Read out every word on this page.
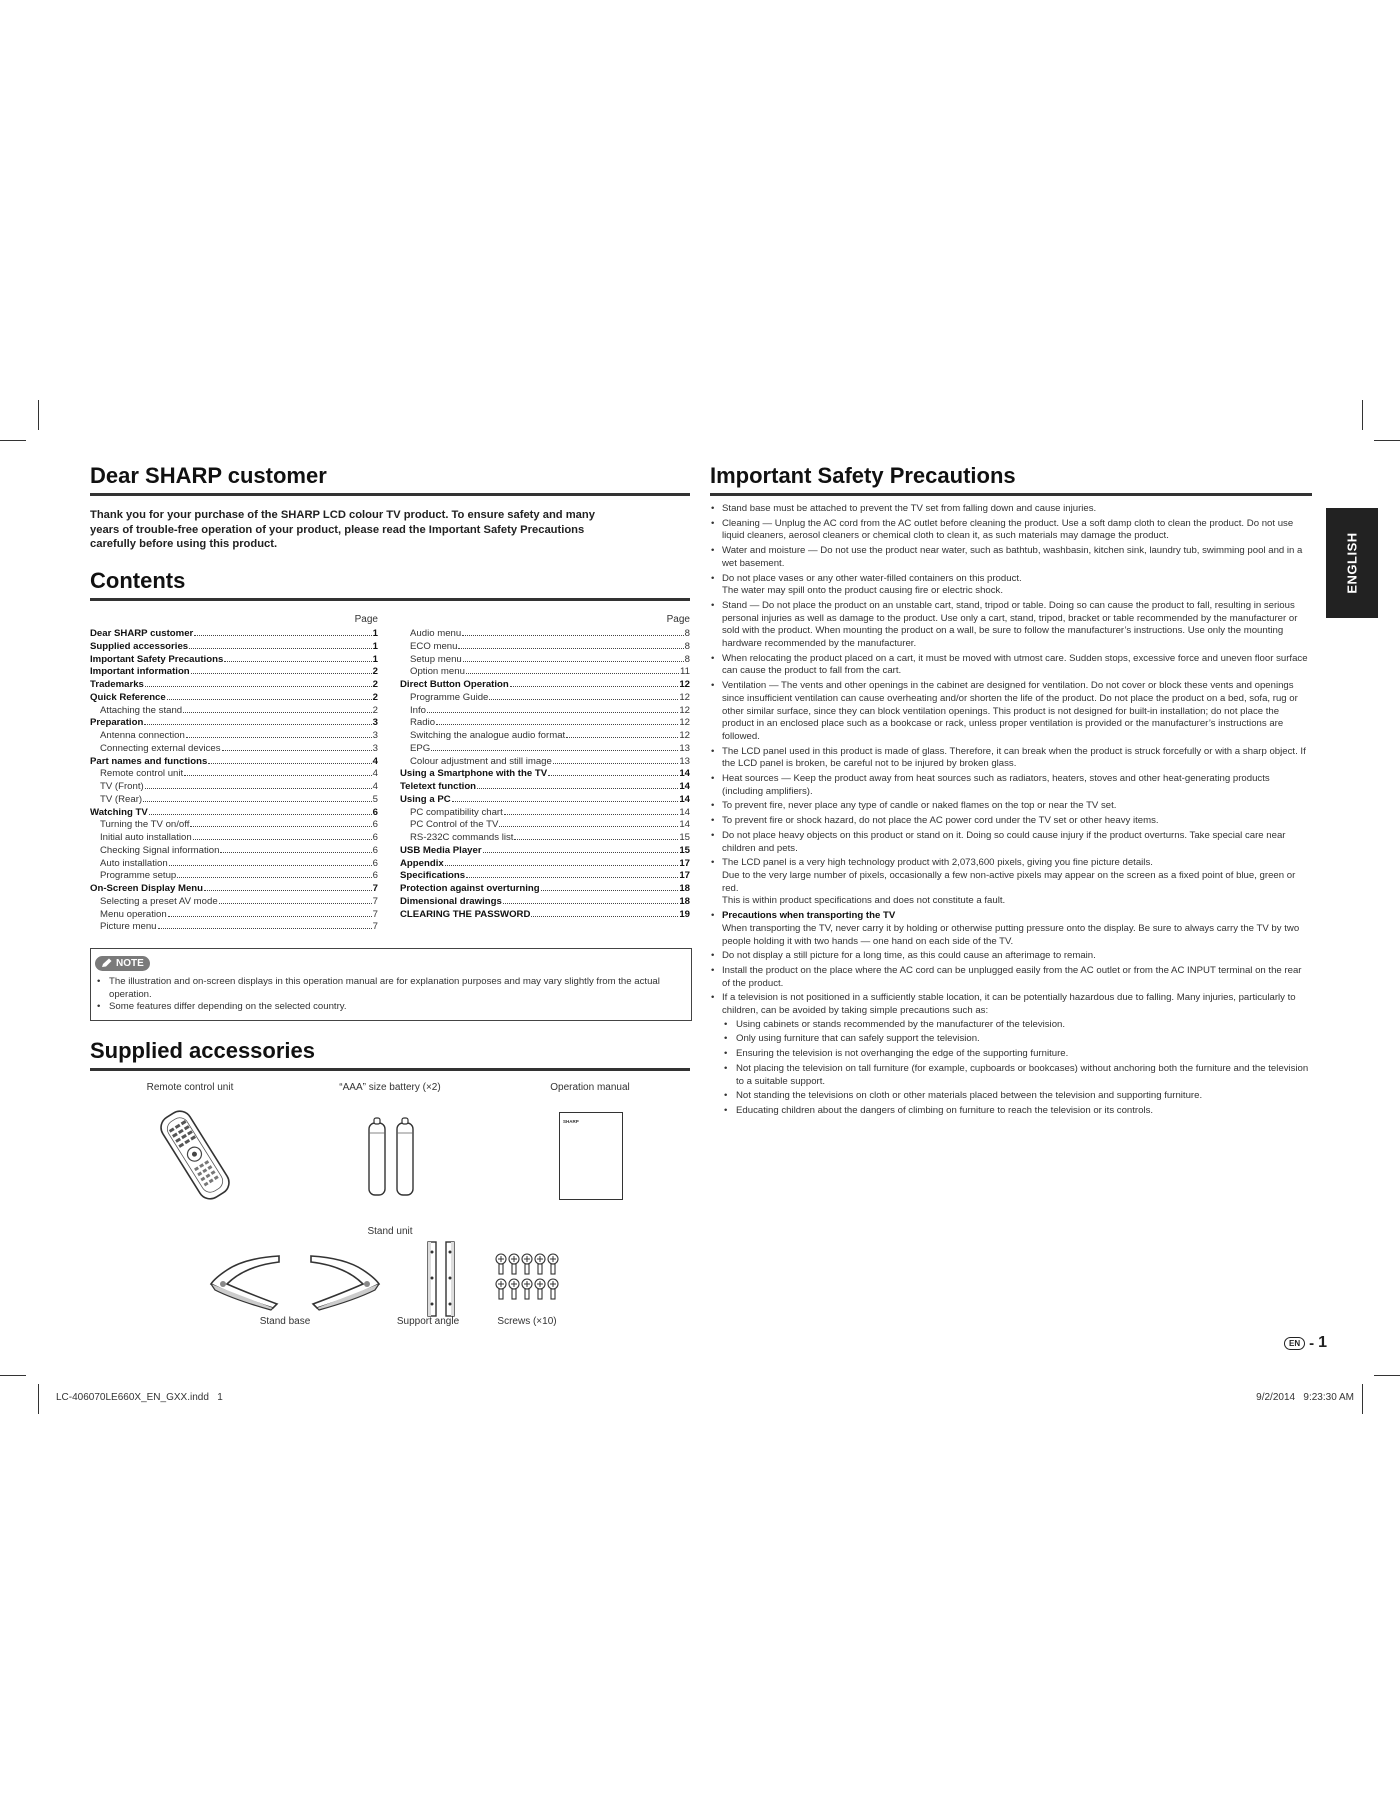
Dear SHARP customer
Thank you for your purchase of the SHARP LCD colour TV product. To ensure safety and many
years of trouble-free operation of your product, please read the Important Safety Precautions
carefully before using this product.
Contents
Page	Page
Dear SHARP customer	1
Supplied accessories	1
Important Safety Precautions	1
Important information	2
Trademarks	2
Quick Reference	2
Attaching the stand	2
Preparation	3
Antenna connection	3
Connecting external devices	3
Part names and functions	4
Remote control unit	4
TV (Front)	4
TV (Rear)	5
Watching TV	6
Turning the TV on/off	6
Initial auto installation	6
Checking Signal information	6
Auto installation	6
Programme setup	6
On-Screen Display Menu	7
Selecting a preset AV mode	7
Menu operation	7
Picture menu	7
Audio menu	8
ECO menu	8
Setup menu	8
Option menu	11
Direct Button Operation	12
Programme Guide	12
Info	12
Radio	12
Switching the analogue audio format	12
EPG	13
Colour adjustment and still image	13
Using a Smartphone with the TV	14
Teletext function	14
Using a PC	14
PC compatibility chart	14
PC Control of the TV	14
RS-232C commands list	15
USB Media Player	15
Appendix	17
Specifications	17
Protection against overturning	18
Dimensional drawings	18
CLEARING THE PASSWORD	19
NOTE
• The illustration and on-screen displays in this operation manual are for explanation purposes and may vary slightly from the actual operation.
• Some features differ depending on the selected country.
Supplied accessories
Remote control unit	“AAA” size battery (×2)	Operation manual
SHARP
Stand unit
Stand base	Support angle	Screws (×10)
Important Safety Precautions
• Stand base must be attached to prevent the TV set from falling down and cause injuries.
• Cleaning — Unplug the AC cord from the AC outlet before cleaning the product. Use a soft damp cloth to clean the product. Do not use liquid cleaners, aerosol cleaners or chemical cloth to clean it, as such materials may damage the product.
• Water and moisture — Do not use the product near water, such as bathtub, washbasin, kitchen sink, laundry tub, swimming pool and in a wet basement.
• Do not place vases or any other water-filled containers on this product.
The water may spill onto the product causing fire or electric shock.
• Stand — Do not place the product on an unstable cart, stand, tripod or table. Doing so can cause the product to fall, resulting in serious personal injuries as well as damage to the product. Use only a cart, stand, tripod, bracket or table recommended by the manufacturer or sold with the product. When mounting the product on a wall, be sure to follow the manufacturer’s instructions. Use only the mounting hardware recommended by the manufacturer.
• When relocating the product placed on a cart, it must be moved with utmost care. Sudden stops, excessive force and uneven floor surface can cause the product to fall from the cart.
• Ventilation — The vents and other openings in the cabinet are designed for ventilation. Do not cover or block these vents and openings since insufficient ventilation can cause overheating and/or shorten the life of the product. Do not place the product on a bed, sofa, rug or other similar surface, since they can block ventilation openings. This product is not designed for built-in installation; do not place the product in an enclosed place such as a bookcase or rack, unless proper ventilation is provided or the manufacturer’s instructions are followed.
• The LCD panel used in this product is made of glass. Therefore, it can break when the product is struck forcefully or with a sharp object. If the LCD panel is broken, be careful not to be injured by broken glass.
• Heat sources — Keep the product away from heat sources such as radiators, heaters, stoves and other heat-generating products (including amplifiers).
• To prevent fire, never place any type of candle or naked flames on the top or near the TV set.
• To prevent fire or shock hazard, do not place the AC power cord under the TV set or other heavy items.
• Do not place heavy objects on this product or stand on it. Doing so could cause injury if the product overturns. Take special care near children and pets.
• The LCD panel is a very high technology product with 2,073,600 pixels, giving you fine picture details.
Due to the very large number of pixels, occasionally a few non-active pixels may appear on the screen as a fixed point of blue, green or red.
This is within product specifications and does not constitute a fault.
• Precautions when transporting the TV
When transporting the TV, never carry it by holding or otherwise putting pressure onto the display. Be sure to always carry the TV by two people holding it with two hands — one hand on each side of the TV.
• Do not display a still picture for a long time, as this could cause an afterimage to remain.
• Install the product on the place where the AC cord can be unplugged easily from the AC outlet or from the AC INPUT terminal on the rear of the product.
• If a television is not positioned in a sufficiently stable location, it can be potentially hazardous due to falling. Many injuries, particularly to children, can be avoided by taking simple precautions such as:
• Using cabinets or stands recommended by the manufacturer of the television.
• Only using furniture that can safely support the television.
• Ensuring the television is not overhanging the edge of the supporting furniture.
• Not placing the television on tall furniture (for example, cupboards or bookcases) without anchoring both the furniture and the television to a suitable support.
• Not standing the televisions on cloth or other materials placed between the television and supporting furniture.
• Educating children about the dangers of climbing on furniture to reach the television or its controls.
ENGLISH
EN - 1
LC-406070LE660X_EN_GXX.indd   1	9/2/2014   9:23:30 AM
